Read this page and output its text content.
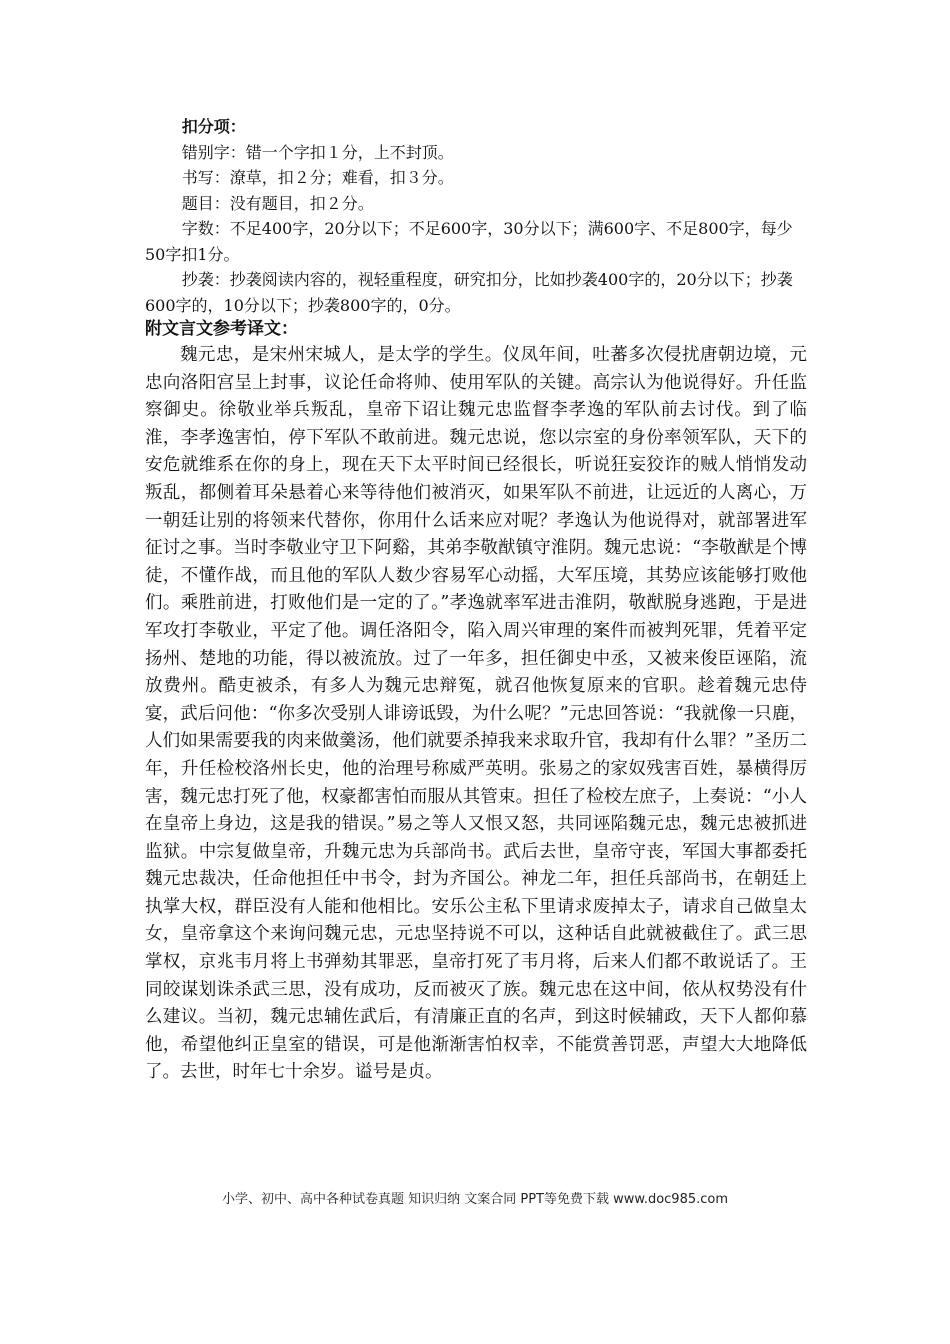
扣分项：

错别字：错一个字扣１分，上不封顶。

书写：潦草，扣２分；难看，扣３分。

题目：没有题目，扣２分。

字数：不足400字，20分以下；不足600字，30分以下；满600字、不足800字，每少50字扣1分。

抄袭：抄袭阅读内容的，视轻重程度，研究扣分，比如抄袭400字的，20分以下；抄袭600字的，10分以下；抄袭800字的，0分。

附文言文参考译文：

魏元忠，是宋州宋城人，是太学的学生。仪凤年间，吐蕃多次侵扰唐朝边境，元忠向洛阳宫呈上封事，议论任命将帅、使用军队的关键。高宗认为他说得好。升任监察御史。徐敬业举兵叛乱，皇帝下诏让魏元忠监督李孝逸的军队前去讨伐。到了临淮，李孝逸害怕，停下军队不敢前进。魏元忠说，您以宗室的身份率领军队，天下的安危就维系在你的身上，现在天下太平时间已经很长，听说狂妄狡诈的贼人悄悄发动叛乱，都侧着耳朵悬着心来等待他们被消灭，如果军队不前进，让远近的人离心，万一朝廷让别的将领来代替你，你用什么话来应对呢？孝逸认为他说得对，就部署进军征讨之事。当时李敬业守卫下阿谿，其弟李敬猷镇守淮阴。魏元忠说：“李敬猷是个博徒，不懂作战，而且他的军队人数少容易军心动摇，大军压境，其势应该能够打败他们。乘胜前进，打败他们是一定的了。”孝逸就率军进击淮阴，敬猷脱身逃跑，于是进军攻打李敬业，平定了他。调任洛阳令，陷入周兴审理的案件而被判死罪，凭着平定扬州、楚地的功能，得以被流放。过了一年多，担任御史中丞，又被来俊臣诬陷，流放费州。酷吏被杀，有多人为魏元忠辩冤，就召他恢复原来的官职。趁着魏元忠侍宴，武后问他：“你多次受别人诽谤诋毁，为什么呢？”元忠回答说：“我就像一只鹿，人们如果需要我的肉来做羹汤，他们就要杀掉我来求取升官，我却有什么罪？”圣历二年，升任检校洛州长史，他的治理号称威严英明。张易之的家奴残害百姓，暴横得厉害，魏元忠打死了他，权豪都害怕而服从其管束。担任了检校左庶子，上奏说：“小人在皇帝上身边，这是我的错误。”易之等人又恨又怒，共同诬陷魏元忠，魏元忠被抓进监狱。中宗复做皇帝，升魏元忠为兵部尚书。武后去世，皇帝守丧，军国大事都委托魏元忠裁决，任命他担任中书令，封为齐国公。神龙二年，担任兵部尚书，在朝廷上执掌大权，群臣没有人能和他相比。安乐公主私下里请求废掉太子，请求自己做皇太女，皇帝拿这个来询问魏元忠，元忠坚持说不可以，这种话自此就被截住了。武三思掌权，京兆韦月将上书弹劾其罪恶，皇帝打死了韦月将，后来人们都不敢说话了。王同皎谋划诛杀武三思，没有成功，反而被灭了族。魏元忠在这中间，依从权势没有什么建议。当初，魏元忠辅佐武后，有清廉正直的名声，到这时候辅政，天下人都仰慕他，希望他纠正皇室的错误，可是他渐渐害怕权幸，不能赏善罚恶，声望大大地降低了。去世，时年七十余岁。谥号是贞。

小学、初中、高中各种试卷真题 知识归纳 文案合同 PPT等免费下载 www.doc985.com
